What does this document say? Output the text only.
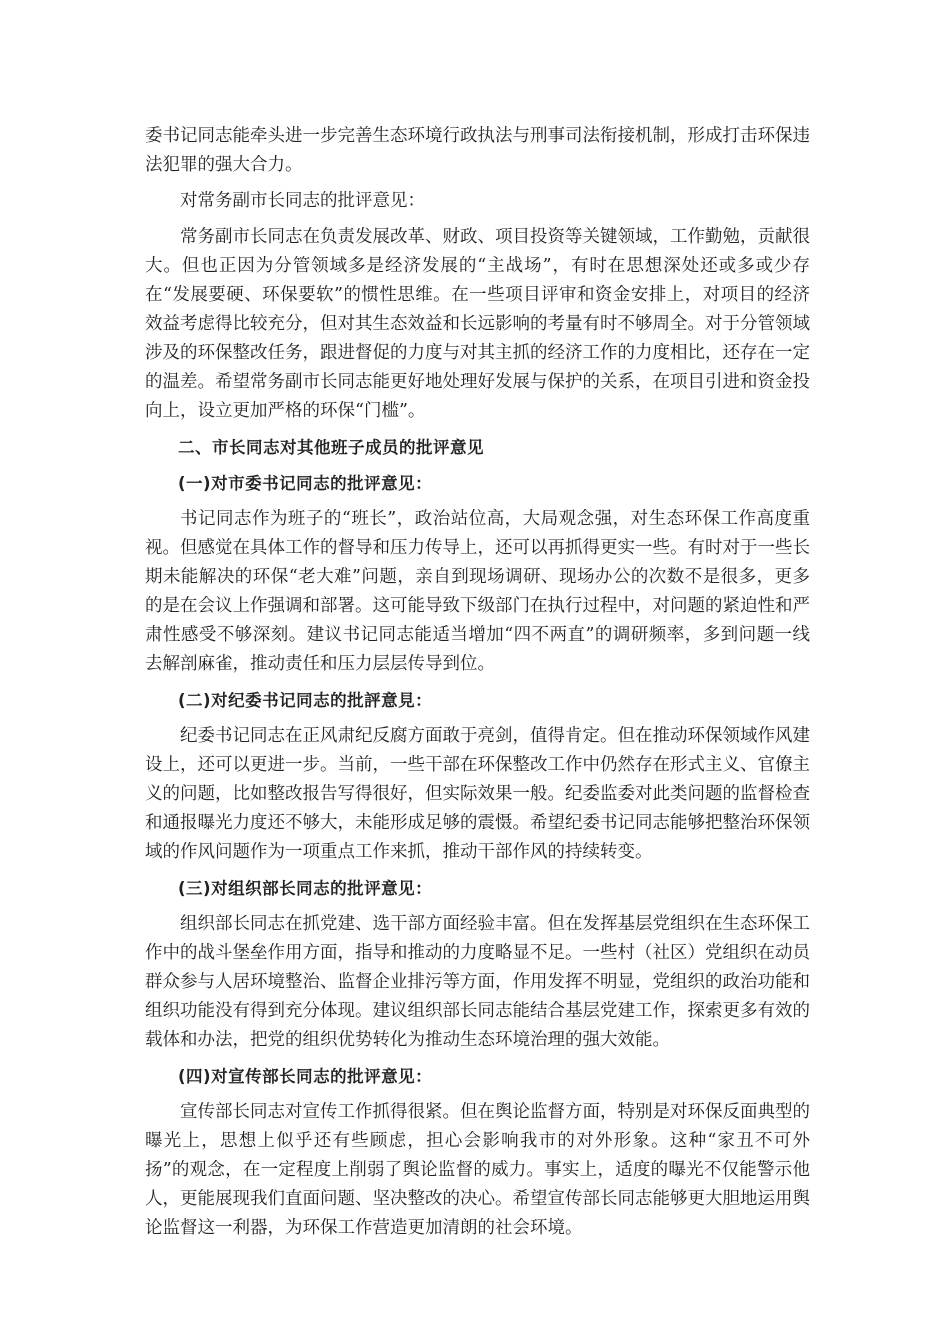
委书记同志能牵头进一步完善生态环境行政执法与刑事司法衔接机制，形成打击环保违法犯罪的强大合力。

对常务副市长同志的批评意见：

常务副市长同志在负责发展改革、财政、项目投资等关键领域，工作勤勉，贡献很大。但也正因为分管领域多是经济发展的“主战场”，有时在思想深处还或多或少存在“发展要硬、环保要软”的惯性思维。在一些项目评审和资金安排上，对项目的经济效益考虑得比较充分，但对其生态效益和长远影响的考量有时不够周全。对于分管领域涉及的环保整改任务，跟进督促的力度与对其主抓的经济工作的力度相比，还存在一定的温差。希望常务副市长同志能更好地处理好发展与保护的关系，在项目引进和资金投向上，设立更加严格的环保“门槛”。

二、市长同志对其他班子成员的批评意见

(一)对市委书记同志的批评意见：

书记同志作为班子的“班长”，政治站位高，大局观念强，对生态环保工作高度重视。但感觉在具体工作的督导和压力传导上，还可以再抓得更实一些。有时对于一些长期未能解决的环保“老大难”问题，亲自到现场调研、现场办公的次数不是很多，更多的是在会议上作强调和部署。这可能导致下级部门在执行过程中，对问题的紧迫性和严肃性感受不够深刻。建议书记同志能适当增加“四不两直”的调研频率，多到问题一线去解剖麻雀，推动责任和压力层层传导到位。

(二)对纪委书记同志的批評意見：

纪委书记同志在正风肃纪反腐方面敢于亮剑，值得肯定。但在推动环保领域作风建设上，还可以更进一步。当前，一些干部在环保整改工作中仍然存在形式主义、官僚主义的问题，比如整改报告写得很好，但实际效果一般。纪委监委对此类问题的监督检查和通报曝光力度还不够大，未能形成足够的震慑。希望纪委书记同志能够把整治环保领域的作风问题作为一项重点工作来抓，推动干部作风的持续转变。

(三)对组织部长同志的批评意见：

组织部长同志在抓党建、选干部方面经验丰富。但在发挥基层党组织在生态环保工作中的战斗堡垒作用方面，指导和推动的力度略显不足。一些村（社区）党组织在动员群众参与人居环境整治、监督企业排污等方面，作用发挥不明显，党组织的政治功能和组织功能没有得到充分体现。建议组织部长同志能结合基层党建工作，探索更多有效的载体和办法，把党的组织优势转化为推动生态环境治理的强大效能。

(四)对宣传部长同志的批评意见：

宣传部长同志对宣传工作抓得很紧。但在舆论监督方面，特别是对环保反面典型的曝光上，思想上似乎还有些顾虑，担心会影响我市的对外形象。这种“家丑不可外扬”的观念，在一定程度上削弱了舆论监督的威力。事实上，适度的曝光不仅能警示他人，更能展现我们直面问题、坚决整改的决心。希望宣传部长同志能够更大胆地运用舆论监督这一利器，为环保工作营造更加清朗的社会环境。
